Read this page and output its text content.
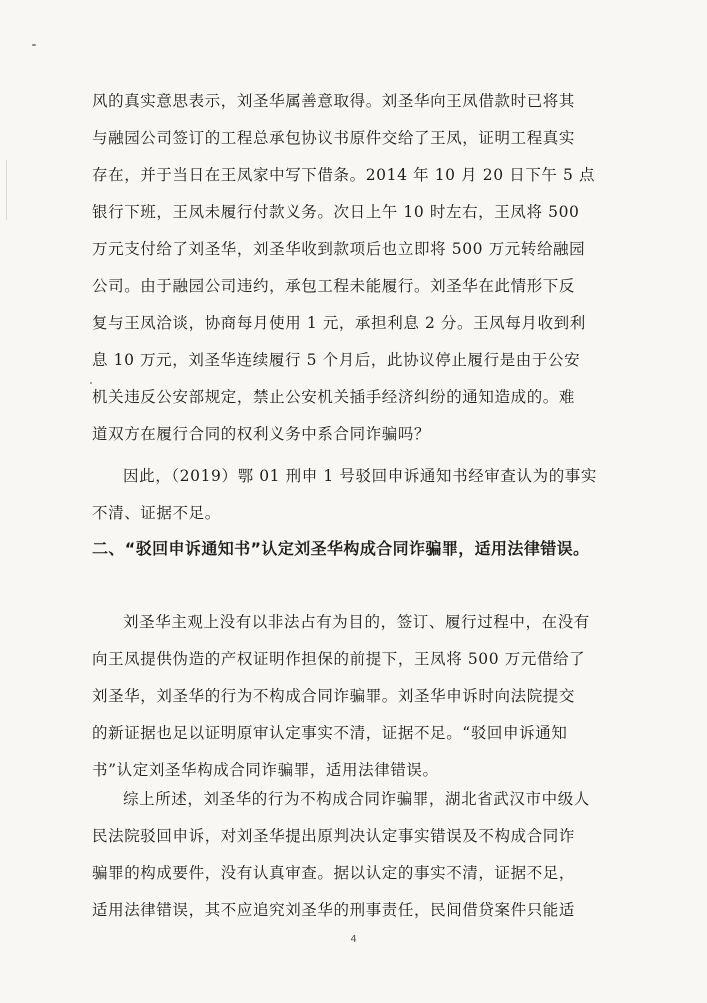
风的真实意思表示，刘圣华属善意取得。刘圣华向王凤借款时已将其
与融园公司签订的工程总承包协议书原件交给了王凤，证明工程真实
存在，并于当日在王凤家中写下借条。2014 年 10 月 20 日下午 5 点
银行下班，王凤未履行付款义务。次日上午 10 时左右，王凤将 500
万元支付给了刘圣华，刘圣华收到款项后也立即将 500 万元转给融园
公司。由于融园公司违约，承包工程未能履行。刘圣华在此情形下反
复与王凤洽谈，协商每月使用 1 元，承担利息 2 分。王凤每月收到利
息 10 万元，刘圣华连续履行 5 个月后，此协议停止履行是由于公安
机关违反公安部规定，禁止公安机关插手经济纠纷的通知造成的。难
道双方在履行合同的权利义务中系合同诈骗吗？
因此，（2019）鄂 01 刑申 1 号驳回申诉通知书经审查认为的事实
不清、证据不足。
二、“驳回申诉通知书”认定刘圣华构成合同诈骗罪，适用法律错误。
刘圣华主观上没有以非法占有为目的，签订、履行过程中，在没有
向王凤提供伪造的产权证明作担保的前提下，王凤将 500 万元借给了
刘圣华，刘圣华的行为不构成合同诈骗罪。刘圣华申诉时向法院提交
的新证据也足以证明原审认定事实不清，证据不足。“驳回申诉通知
书”认定刘圣华构成合同诈骗罪，适用法律错误。
综上所述，刘圣华的行为不构成合同诈骗罪，湖北省武汉市中级人
民法院驳回申诉，对刘圣华提出原判决认定事实错误及不构成合同诈
骗罪的构成要件，没有认真审查。据以认定的事实不清，证据不足，
适用法律错误，其不应追究刘圣华的刑事责任，民间借贷案件只能适
4
